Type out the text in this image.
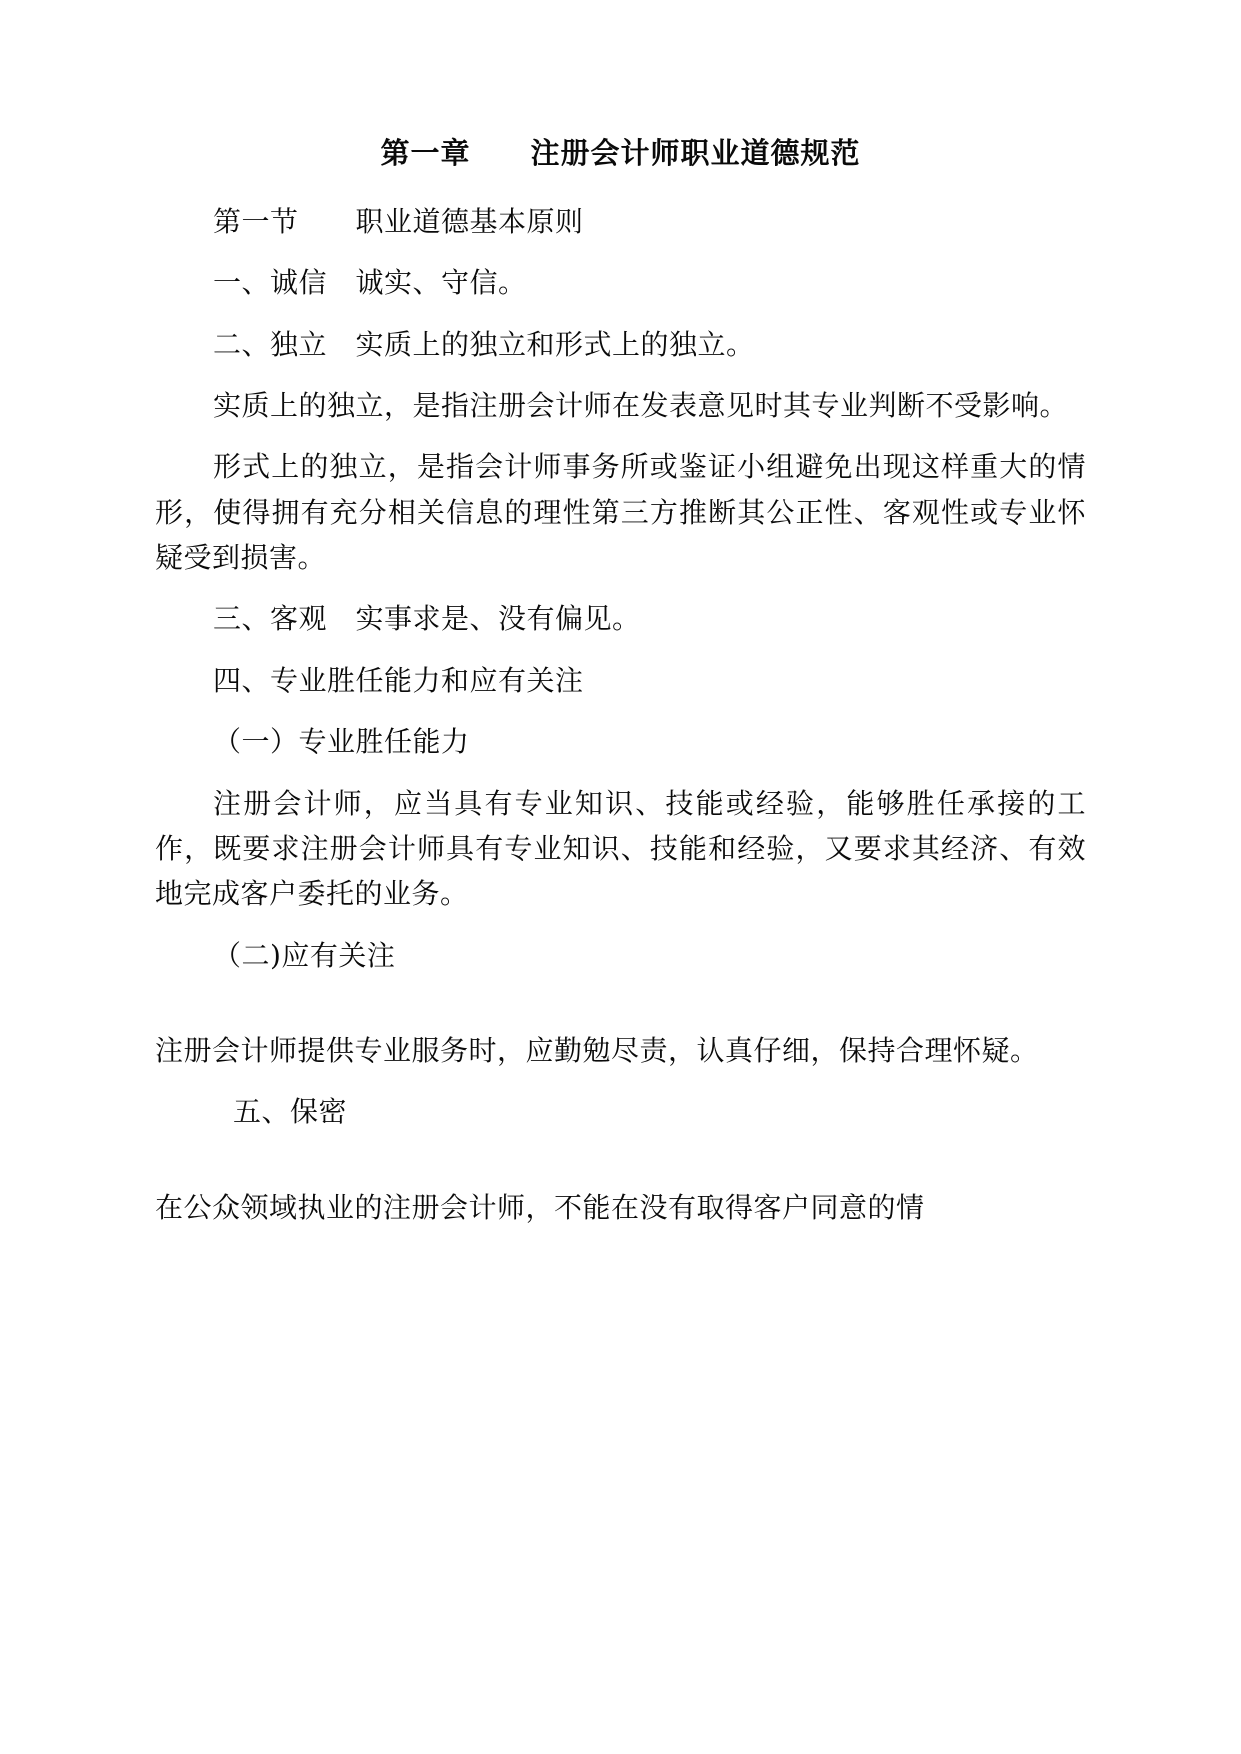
第一章　　注册会计师职业道德规范

第一节　　职业道德基本原则

一、诚信　诚实、守信。

二、独立　实质上的独立和形式上的独立。

实质上的独立，是指注册会计师在发表意见时其专业判断不受影响。

形式上的独立，是指会计师事务所或鉴证小组避免出现这样重大的情形，使得拥有充分相关信息的理性第三方推断其公正性、客观性或专业怀疑受到损害。

三、客观　实事求是、没有偏见。

四、专业胜任能力和应有关注

（一）专业胜任能力

注册会计师，应当具有专业知识、技能或经验，能够胜任承接的工作，既要求注册会计师具有专业知识、技能和经验，又要求其经济、有效地完成客户委托的业务。

（二)应有关注

注册会计师提供专业服务时，应勤勉尽责，认真仔细，保持合理怀疑。

五、保密

在公众领域执业的注册会计师，不能在没有取得客户同意的情
